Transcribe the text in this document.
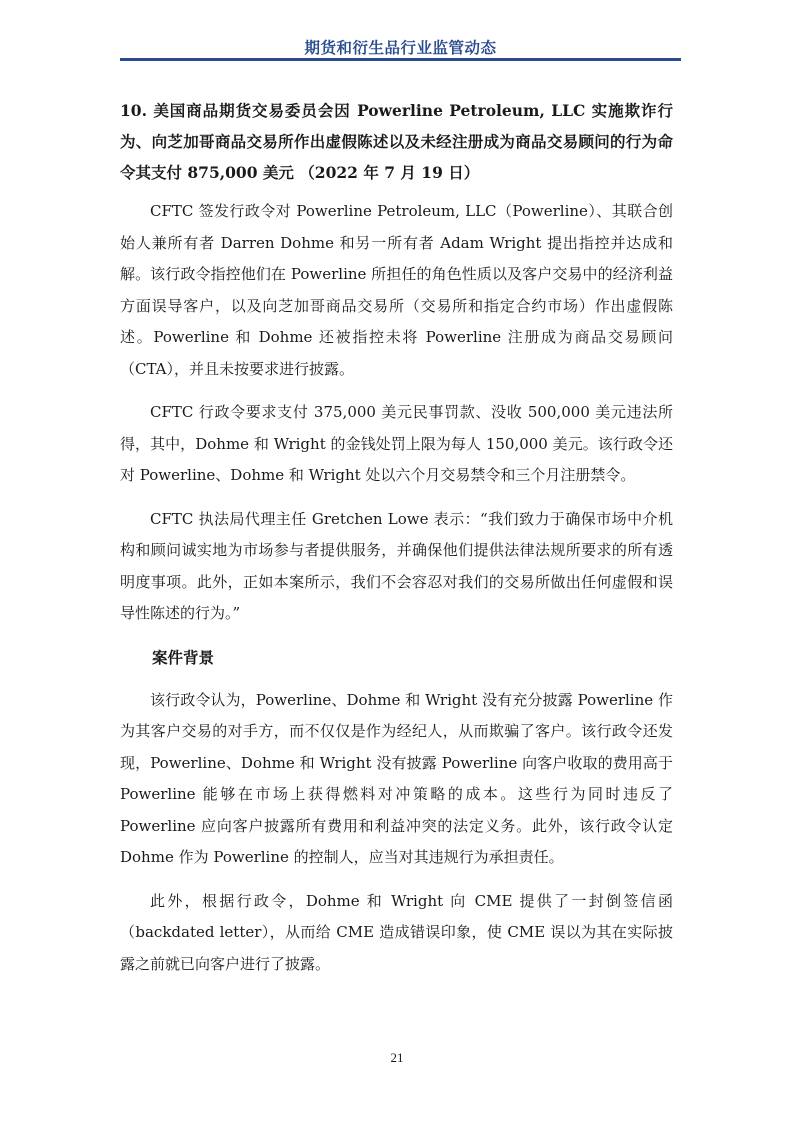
期货和衍生品行业监管动态
10. 美国商品期货交易委员会因 Powerline Petroleum, LLC 实施欺诈行为、向芝加哥商品交易所作出虚假陈述以及未经注册成为商品交易顾问的行为命令其支付 875,000 美元 （2022 年 7 月 19 日）

CFTC 签发行政令对 Powerline Petroleum, LLC（Powerline）、其联合创始人兼所有者 Darren Dohme 和另一所有者 Adam Wright 提出指控并达成和解。该行政令指控他们在 Powerline 所担任的角色性质以及客户交易中的经济利益方面误导客户，以及向芝加哥商品交易所（交易所和指定合约市场）作出虚假陈述。Powerline 和 Dohme 还被指控未将 Powerline 注册成为商品交易顾问（CTA），并且未按要求进行披露。

CFTC 行政令要求支付 375,000 美元民事罚款、没收 500,000 美元违法所得，其中，Dohme 和 Wright 的金钱处罚上限为每人 150,000 美元。该行政令还对 Powerline、Dohme 和 Wright 处以六个月交易禁令和三个月注册禁令。

CFTC 执法局代理主任 Gretchen Lowe 表示：“我们致力于确保市场中介机构和顾问诚实地为市场参与者提供服务，并确保他们提供法律法规所要求的所有透明度事项。此外，正如本案所示，我们不会容忍对我们的交易所做出任何虚假和误导性陈述的行为。”

案件背景

该行政令认为，Powerline、Dohme 和 Wright 没有充分披露 Powerline 作为其客户交易的对手方，而不仅仅是作为经纪人，从而欺骗了客户。该行政令还发现，Powerline、Dohme 和 Wright 没有披露 Powerline 向客户收取的费用高于 Powerline 能够在市场上获得燃料对冲策略的成本。这些行为同时违反了 Powerline 应向客户披露所有费用和利益冲突的法定义务。此外，该行政令认定 Dohme 作为 Powerline 的控制人，应当对其违规行为承担责任。

此外，根据行政令，Dohme 和 Wright 向 CME 提供了一封倒签信函（backdated letter），从而给 CME 造成错误印象，使 CME 误以为其在实际披露之前就已向客户进行了披露。

21
